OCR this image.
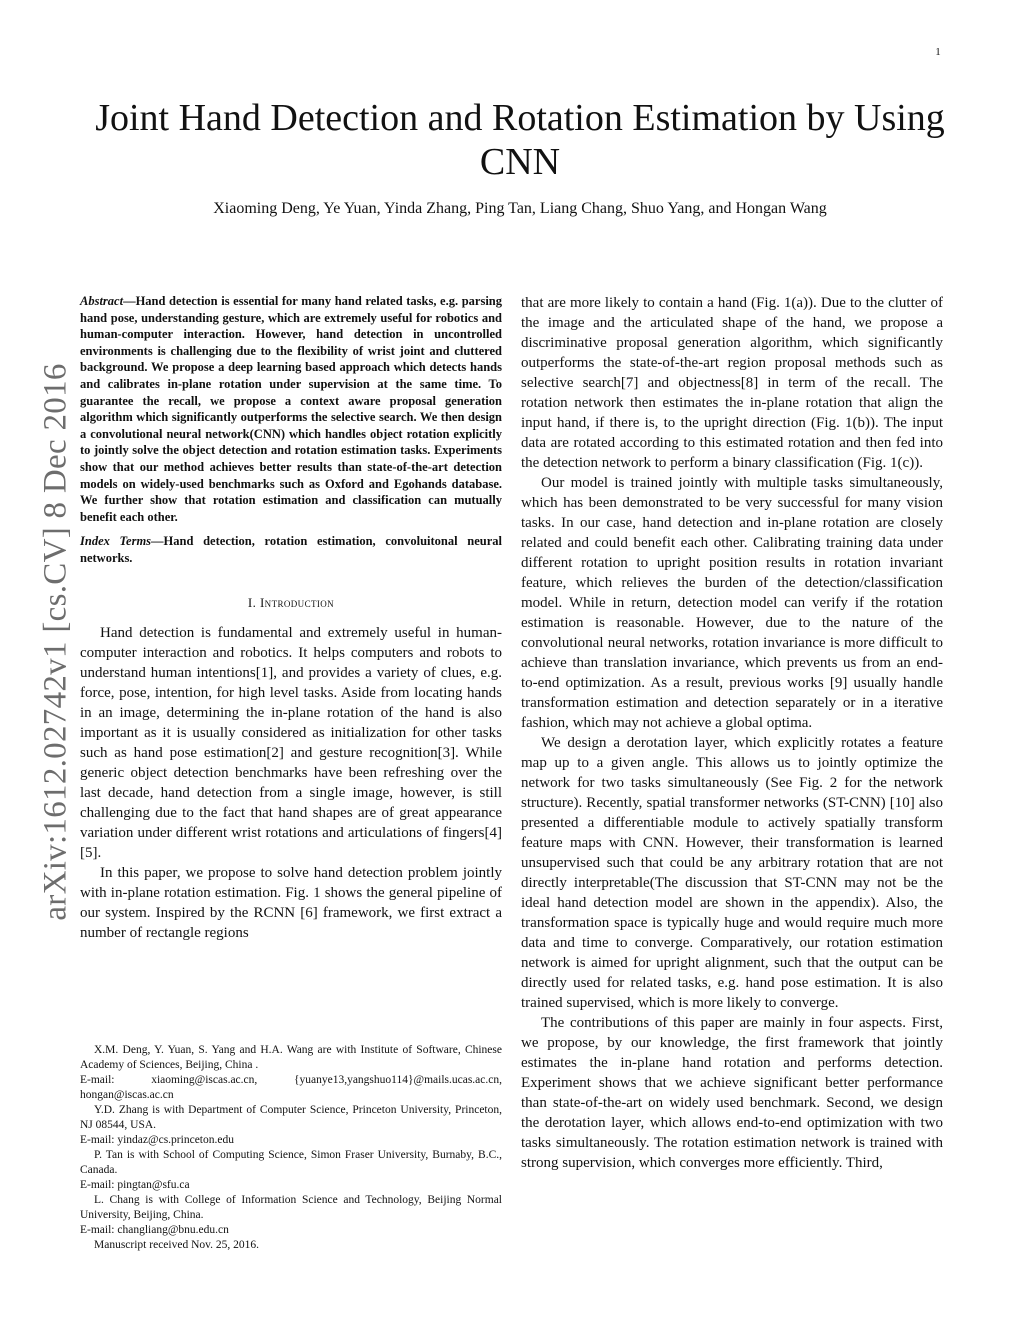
1
arXiv:1612.02742v1 [cs.CV] 8 Dec 2016
Joint Hand Detection and Rotation Estimation by Using CNN
Xiaoming Deng, Ye Yuan, Yinda Zhang, Ping Tan, Liang Chang, Shuo Yang, and Hongan Wang

Abstract—Hand detection is essential for many hand related tasks, e.g. parsing hand pose, understanding gesture, which are extremely useful for robotics and human-computer interaction. However, hand detection in uncontrolled environments is challenging due to the flexibility of wrist joint and cluttered background. We propose a deep learning based approach which detects hands and calibrates in-plane rotation under supervision at the same time. To guarantee the recall, we propose a context aware proposal generation algorithm which significantly outperforms the selective search. We then design a convolutional neural network(CNN) which handles object rotation explicitly to jointly solve the object detection and rotation estimation tasks. Experiments show that our method achieves better results than state-of-the-art detection models on widely-used benchmarks such as Oxford and Egohands database. We further show that rotation estimation and classification can mutually benefit each other.

Index Terms—Hand detection, rotation estimation, convoluitonal neural networks.

I. Introduction

Hand detection is fundamental and extremely useful in human-computer interaction and robotics. It helps computers and robots to understand human intentions[1], and provides a variety of clues, e.g. force, pose, intention, for high level tasks. Aside from locating hands in an image, determining the in-plane rotation of the hand is also important as it is usually considered as initialization for other tasks such as hand pose estimation[2] and gesture recognition[3]. While generic object detection benchmarks have been refreshing over the last decade, hand detection from a single image, however, is still challenging due to the fact that hand shapes are of great appearance variation under different wrist rotations and articulations of fingers[4][5].

In this paper, we propose to solve hand detection problem jointly with in-plane rotation estimation. Fig. 1 shows the general pipeline of our system. Inspired by the RCNN [6] framework, we first extract a number of rectangle regions

X.M. Deng, Y. Yuan, S. Yang and H.A. Wang are with Institute of Software, Chinese Academy of Sciences, Beijing, China .

E-mail: xiaoming@iscas.ac.cn, {yuanye13,yangshuo114}@mails.ucas.ac.cn, hongan@iscas.ac.cn

Y.D. Zhang is with Department of Computer Science, Princeton University, Princeton, NJ 08544, USA.

E-mail: yindaz@cs.princeton.edu

P. Tan is with School of Computing Science, Simon Fraser University, Burnaby, B.C., Canada.

E-mail: pingtan@sfu.ca

L. Chang is with College of Information Science and Technology, Beijing Normal University, Beijing, China.

E-mail: changliang@bnu.edu.cn

Manuscript received Nov. 25, 2016.

that are more likely to contain a hand (Fig. 1(a)). Due to the clutter of the image and the articulated shape of the hand, we propose a discriminative proposal generation algorithm, which significantly outperforms the state-of-the-art region proposal methods such as selective search[7] and objectness[8] in term of the recall. The rotation network then estimates the in-plane rotation that align the input hand, if there is, to the upright direction (Fig. 1(b)). The input data are rotated according to this estimated rotation and then fed into the detection network to perform a binary classification (Fig. 1(c)).

Our model is trained jointly with multiple tasks simultaneously, which has been demonstrated to be very successful for many vision tasks. In our case, hand detection and in-plane rotation are closely related and could benefit each other. Calibrating training data under different rotation to upright position results in rotation invariant feature, which relieves the burden of the detection/classification model. While in return, detection model can verify if the rotation estimation is reasonable. However, due to the nature of the convolutional neural networks, rotation invariance is more difficult to achieve than translation invariance, which prevents us from an end-to-end optimization. As a result, previous works [9] usually handle transformation estimation and detection separately or in a iterative fashion, which may not achieve a global optima.

We design a derotation layer, which explicitly rotates a feature map up to a given angle. This allows us to jointly optimize the network for two tasks simultaneously (See Fig. 2 for the network structure). Recently, spatial transformer networks (ST-CNN) [10] also presented a differentiable module to actively spatially transform feature maps with CNN. However, their transformation is learned unsupervised such that could be any arbitrary rotation that are not directly interpretable(The discussion that ST-CNN may not be the ideal hand detection model are shown in the appendix). Also, the transformation space is typically huge and would require much more data and time to converge. Comparatively, our rotation estimation network is aimed for upright alignment, such that the output can be directly used for related tasks, e.g. hand pose estimation. It is also trained supervised, which is more likely to converge.

The contributions of this paper are mainly in four aspects. First, we propose, by our knowledge, the first framework that jointly estimates the in-plane hand rotation and performs detection. Experiment shows that we achieve significant better performance than state-of-the-art on widely used benchmark. Second, we design the derotation layer, which allows end-to-end optimization with two tasks simultaneously. The rotation estimation network is trained with strong supervision, which converges more efficiently. Third,
